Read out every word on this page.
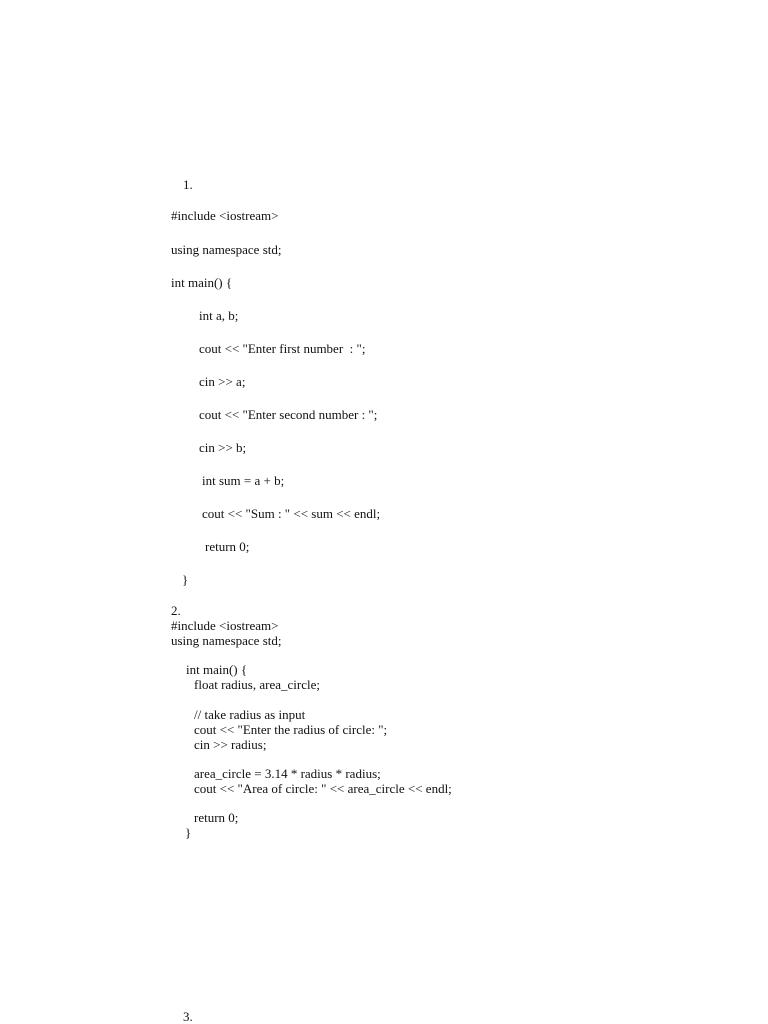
1.

#include <iostream>

using namespace std;

int main() {

int a, b;

cout << "Enter first number  : ";

cin >> a;

cout << "Enter second number : ";

cin >> b;

int sum = a + b;

cout << "Sum : " << sum << endl;

return 0;

}

2.

#include <iostream>

using namespace std;

int main() {

float radius, area_circle;

// take radius as input

cout << "Enter the radius of circle: ";

cin >> radius;

area_circle = 3.14 * radius * radius;

cout << "Area of circle: " << area_circle << endl;

return 0;

}

3.
